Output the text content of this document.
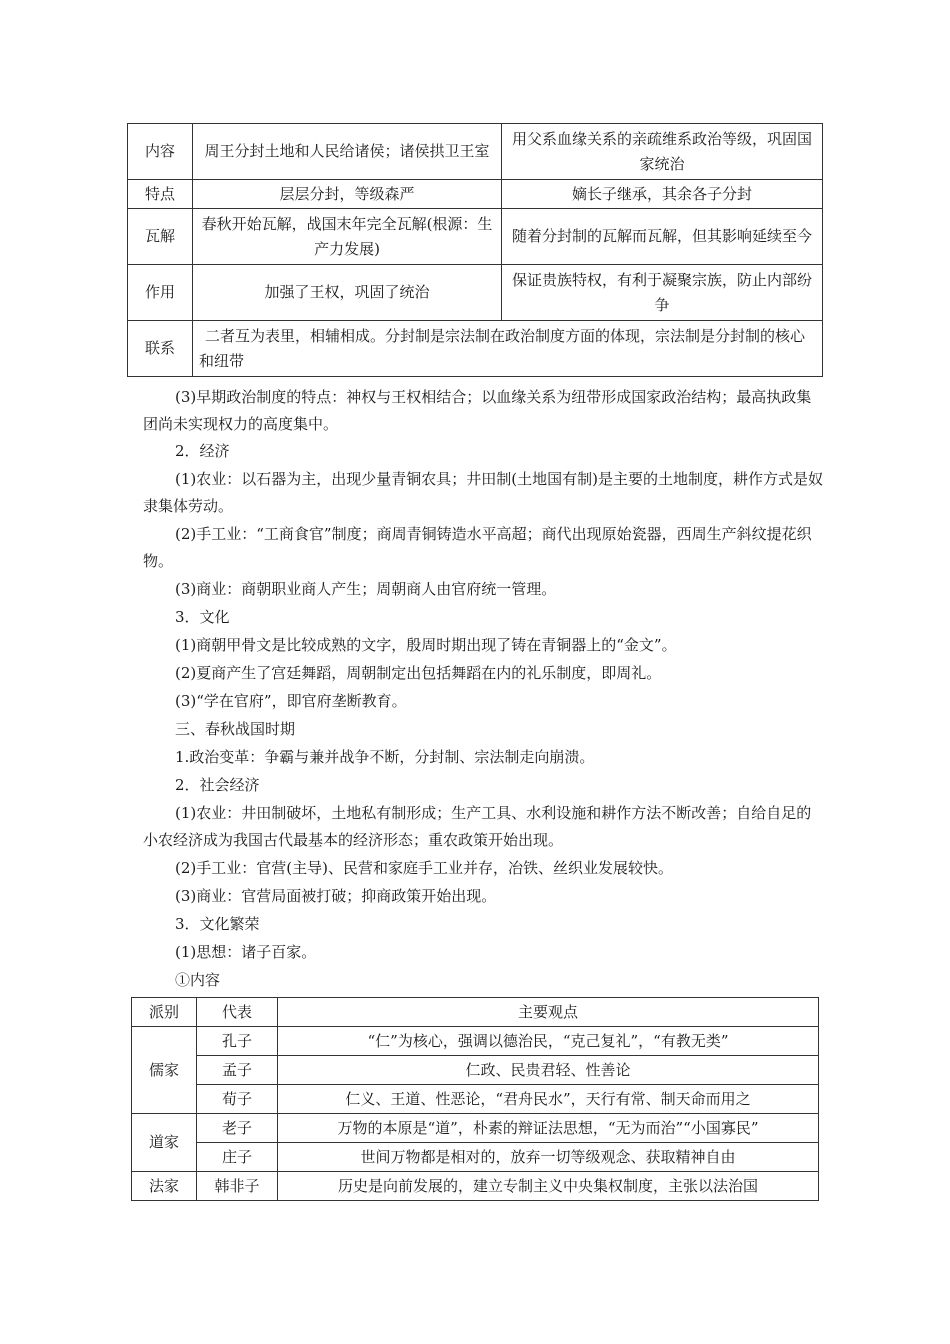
内容	周王分封土地和人民给诸侯；诸侯拱卫王室	用父系血缘关系的亲疏维系政治等级，巩固国家统治
特点	层层分封，等级森严	嫡长子继承，其余各子分封
瓦解	春秋开始瓦解，战国末年完全瓦解(根源：生产力发展)	随着分封制的瓦解而瓦解，但其影响延续至今
作用	加强了王权，巩固了统治	保证贵族特权，有利于凝聚宗族，防止内部纷争
联系	二者互为表里，相辅相成。分封制是宗法制在政治制度方面的体现，宗法制是分封制的核心和纽带	

(3)早期政治制度的特点：神权与王权相结合；以血缘关系为纽带形成国家政治结构；最高执政集团尚未实现权力的高度集中。

2．经济

(1)农业：以石器为主，出现少量青铜农具；井田制(土地国有制)是主要的土地制度，耕作方式是奴隶集体劳动。

(2)手工业：“工商食官”制度；商周青铜铸造水平高超；商代出现原始瓷器，西周生产斜纹提花织物。

(3)商业：商朝职业商人产生；周朝商人由官府统一管理。

3．文化

(1)商朝甲骨文是比较成熟的文字，殷周时期出现了铸在青铜器上的“金文”。

(2)夏商产生了宫廷舞蹈，周朝制定出包括舞蹈在内的礼乐制度，即周礼。

(3)“学在官府”，即官府垄断教育。

三、春秋战国时期

1.政治变革：争霸与兼并战争不断，分封制、宗法制走向崩溃。

2．社会经济

(1)农业：井田制破坏，土地私有制形成；生产工具、水利设施和耕作方法不断改善；自给自足的小农经济成为我国古代最基本的经济形态；重农政策开始出现。

(2)手工业：官营(主导)、民营和家庭手工业并存，冶铁、丝织业发展较快。

(3)商业：官营局面被打破；抑商政策开始出现。

3．文化繁荣

(1)思想：诸子百家。

①内容

派别	代表	主要观点
儒家	孔子	“仁”为核心，强调以德治民，“克己复礼”，“有教无类”
	孟子	仁政、民贵君轻、性善论
	荀子	仁义、王道、性恶论，“君舟民水”，天行有常、制天命而用之
道家	老子	万物的本原是“道”，朴素的辩证法思想，“无为而治”“小国寡民”
	庄子	世间万物都是相对的，放弃一切等级观念、获取精神自由
法家	韩非子	历史是向前发展的，建立专制主义中央集权制度，主张以法治国
